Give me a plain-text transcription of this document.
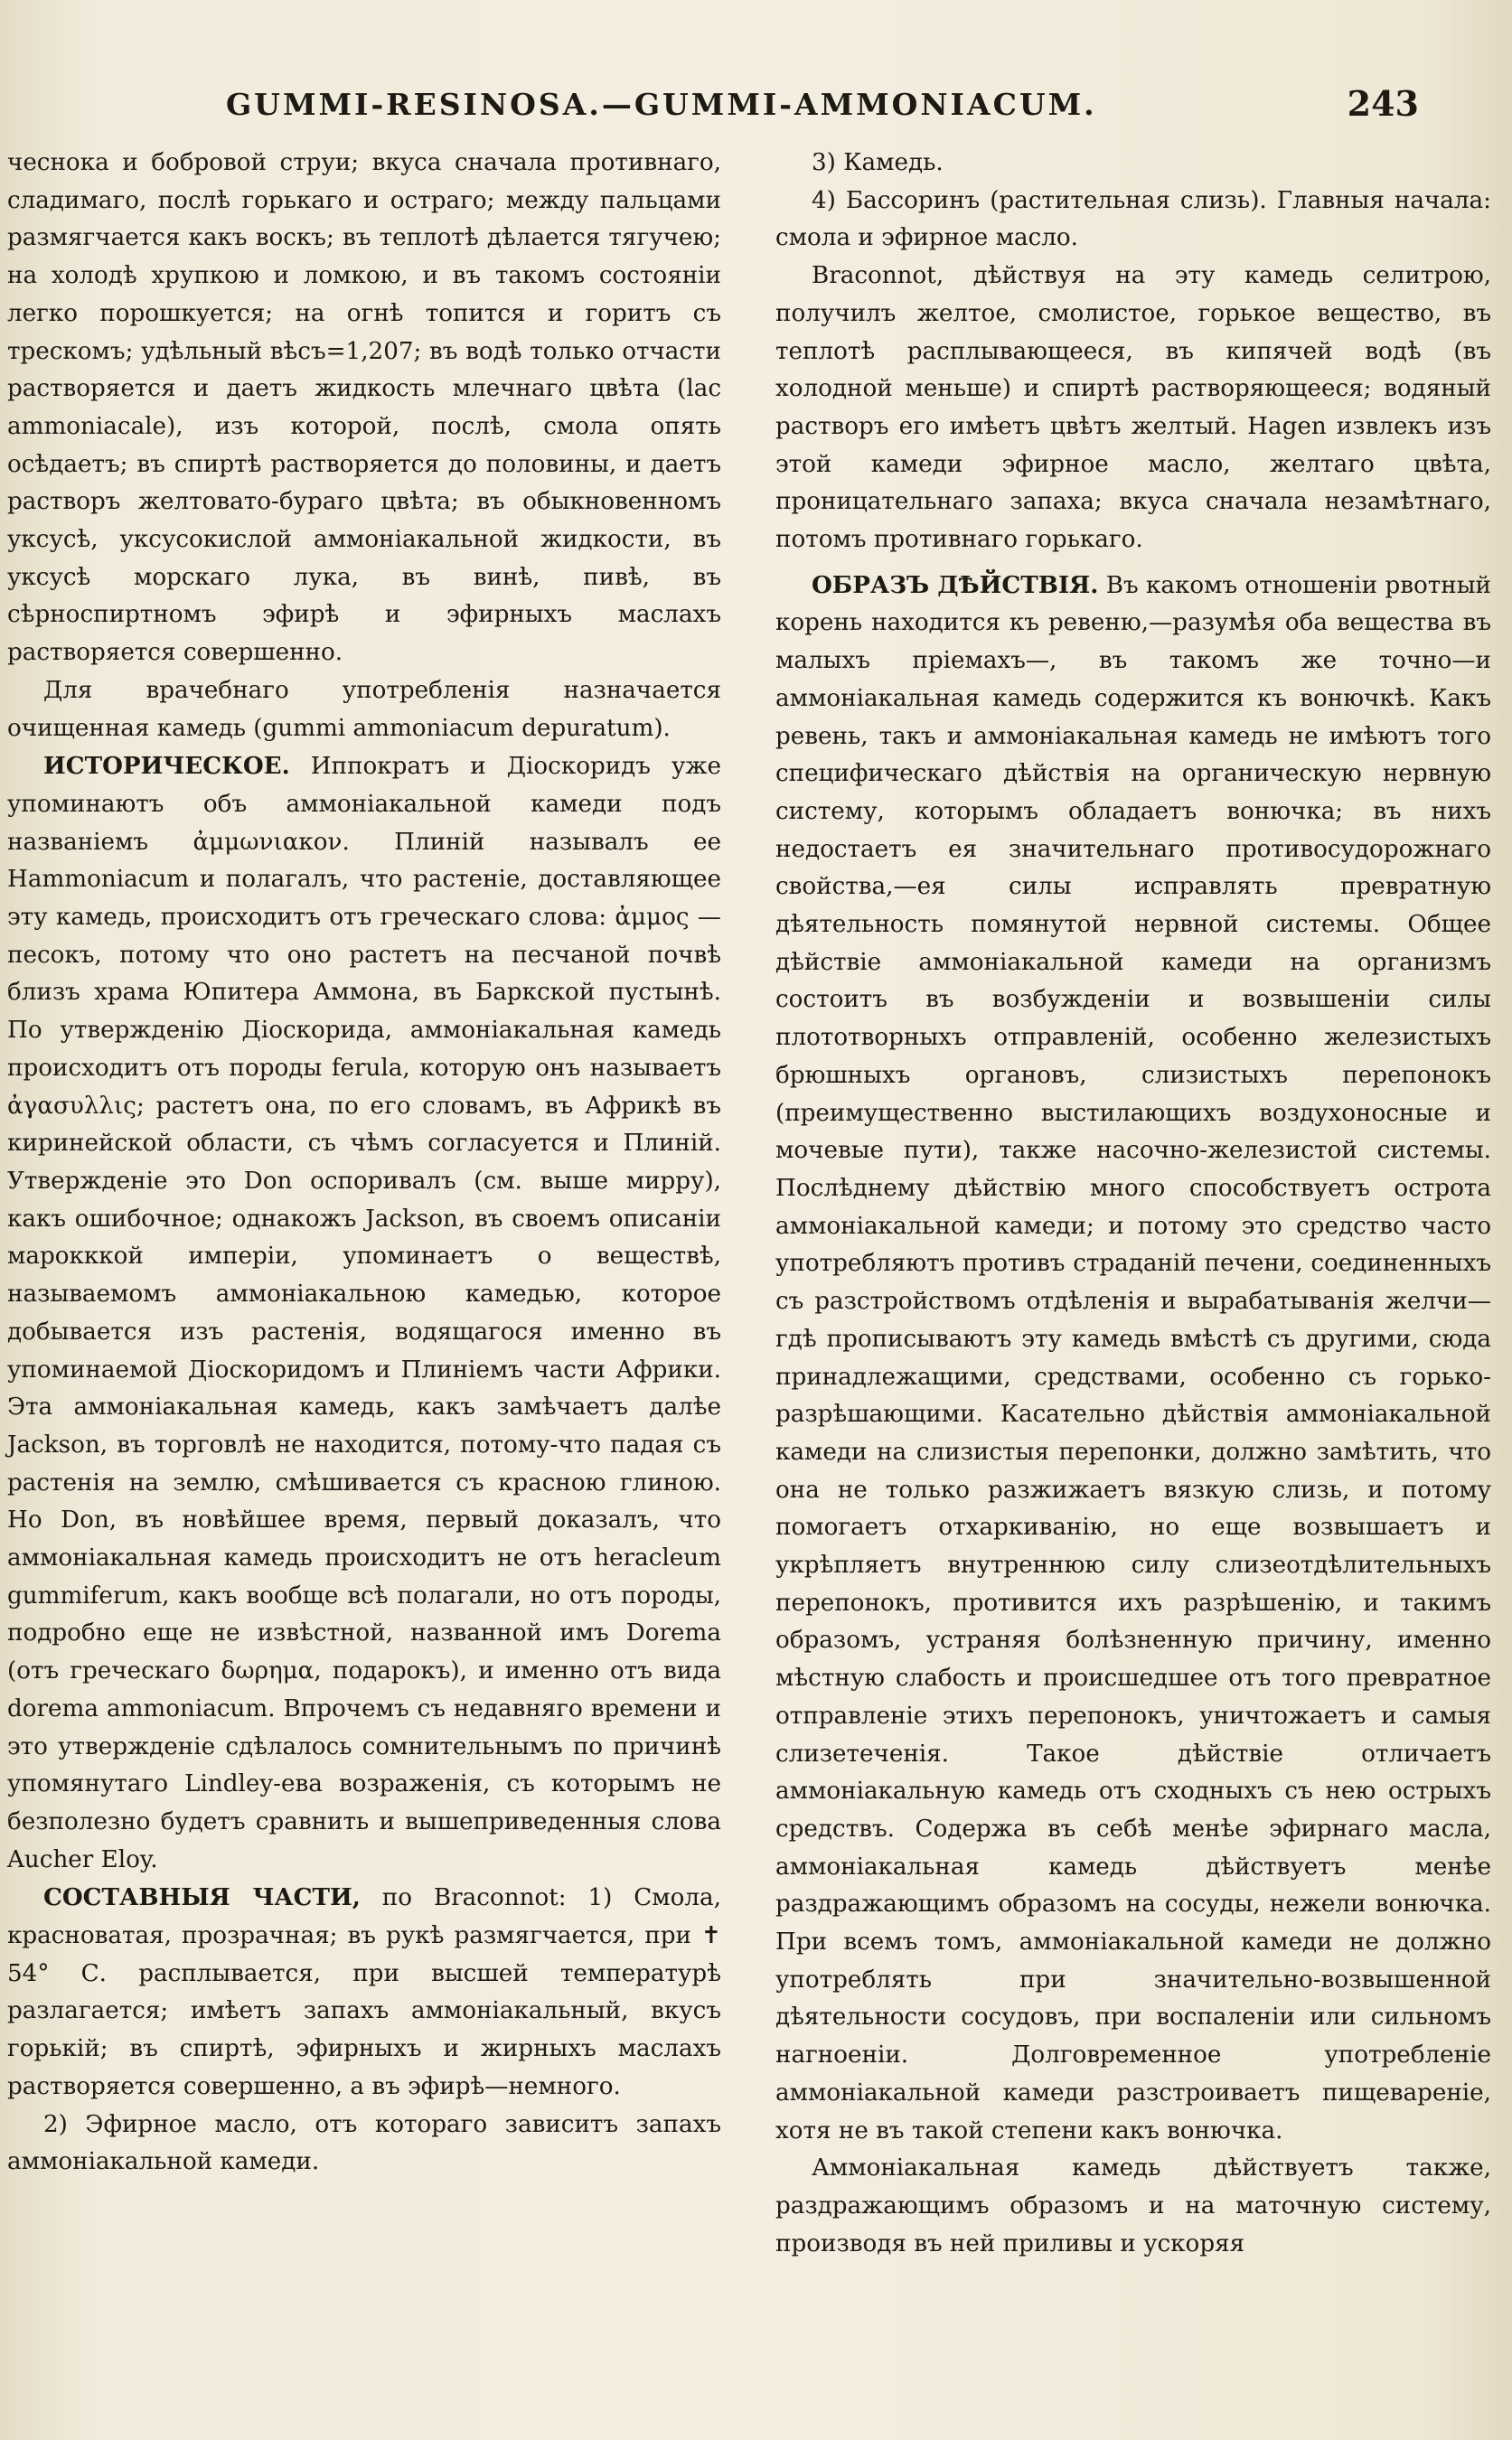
GUMMI-RESINOSA.—GUMMI-AMMONIACUM.	243

чеснока и бобровой струи; вкуса сначала противнаго, сладимаго, послѣ горькаго и остраго; между пальцами размягчается какъ воскъ; въ теплотѣ дѣлается тягучею; на холодѣ хрупкою и ломкою, и въ такомъ состояніи легко порошкуется; на огнѣ топится и горитъ съ трескомъ; удѣльный вѣсъ=1,207; въ водѣ только отчасти растворяется и даетъ жидкость млечнаго цвѣта (lac ammoniacale), изъ которой, послѣ, смола опять осѣдаетъ; въ спиртѣ растворяется до половины, и даетъ растворъ желтовато-бураго цвѣта; въ обыкновенномъ уксусѣ, уксусокислой аммоніакальной жидкости, въ уксусѣ морскаго лука, въ винѣ, пивѣ, въ сѣрноспиртномъ эфирѣ и эфирныхъ маслахъ растворяется совершенно.

Для врачебнаго употребленія назначается очищенная камедь (gummi ammoniacum depuratum).

ИСТОРИЧЕСКОЕ. Иппократъ и Діоскоридъ уже упоминаютъ объ аммоніакальной камеди подъ названіемъ ἀμμωνιακον. Плиній называлъ ее Hammoniacum и полагалъ, что растеніе, доставляющее эту камедь, происходитъ отъ греческаго слова: ἀμμος — песокъ, потому что оно растетъ на песчаной почвѣ близъ храма Юпитера Аммона, въ Баркской пустынѣ. По утвержденію Діоскорида, аммоніакальная камедь происходитъ отъ породы ferula, которую онъ называетъ ἀγασυλλις; растетъ она, по его словамъ, въ Африкѣ въ киринейской области, съ чѣмъ согласуется и Плиній. Утвержденіе это Don оспоривалъ (см. выше мирру), какъ ошибочное; однакожъ Jackson, въ своемъ описаніи марокккой имперіи, упоминаетъ о веществѣ, называемомъ аммоніакальною камедью, которое добывается изъ растенія, водящагося именно въ упоминаемой Діоскоридомъ и Плиніемъ части Африки. Эта аммоніакальная камедь, какъ замѣчаетъ далѣе Jackson, въ торговлѣ не находится, потому-что падая съ растенія на землю, смѣшивается съ красною глиною. Но Don, въ новѣйшее время, первый доказалъ, что аммоніакальная камедь происходитъ не отъ heracleum gummiferum, какъ вообще всѣ полагали, но отъ породы, подробно еще не извѣстной, названной имъ Dorema (отъ греческаго δωρημα, подарокъ), и именно отъ вида dorema ammoniacum. Впрочемъ съ недавняго времени и это утвержденіе сдѣлалось сомнительнымъ по причинѣ упомянутаго Lindley-ева возраженія, съ которымъ не безполезно будетъ сравнить и вышеприведенныя слова Aucher Eloy.

СОСТАВНЫЯ ЧАСТИ, по Braconnot: 1) Смола, красноватая, прозрачная; въ рукѣ размягчается, при ✝ 54° С. расплывается, при высшей температурѣ разлагается; имѣетъ запахъ аммоніакальный, вкусъ горькій; въ спиртѣ, эфирныхъ и жирныхъ маслахъ растворяется совершенно, а въ эфирѣ—немного.

2) Эфирное масло, отъ котораго зависитъ запахъ аммоніакальной камеди.

3) Камедь.

4) Бассоринъ (растительная слизь). Главныя начала: смола и эфирное масло.

Braconnot, дѣйствуя на эту камедь селитрою, получилъ желтое, смолистое, горькое вещество, въ теплотѣ расплывающееся, въ кипячей водѣ (въ холодной меньше) и спиртѣ растворяющееся; водяный растворъ его имѣетъ цвѣтъ желтый. Hagen извлекъ изъ этой камеди эфирное масло, желтаго цвѣта, проницательнаго запаха; вкуса сначала незамѣтнаго, потомъ противнаго горькаго.

ОБРАЗЪ ДѢЙСТВІЯ. Въ какомъ отношеніи рвотный корень находится къ ревеню,—разумѣя оба вещества въ малыхъ пріемахъ—, въ такомъ же точно—и аммоніакальная камедь содержится къ вонючкѣ. Какъ ревень, такъ и аммоніакальная камедь не имѣютъ того специфическаго дѣйствія на органическую нервную систему, которымъ обладаетъ вонючка; въ нихъ недостаетъ ея значительнаго противосудорожнаго свойства,—ея силы исправлять превратную дѣятельность помянутой нервной системы. Общее дѣйствіе аммоніакальной камеди на организмъ состоитъ въ возбужденіи и возвышеніи силы плототворныхъ отправленій, особенно железистыхъ брюшныхъ органовъ, слизистыхъ перепонокъ (преимущественно выстилающихъ воздухоносные и мочевые пути), также насочно-железистой системы. Послѣднему дѣйствію много способствуетъ острота аммоніакальной камеди; и потому это средство часто употребляютъ противъ страданій печени, соединенныхъ съ разстройствомъ отдѣленія и вырабатыванія желчи—гдѣ прописываютъ эту камедь вмѣстѣ съ другими, сюда принадлежащими, средствами, особенно съ горько-разрѣшающими. Касательно дѣйствія аммоніакальной камеди на слизистыя перепонки, должно замѣтить, что она не только разжижаетъ вязкую слизь, и потому помогаетъ отхаркиванію, но еще возвышаетъ и укрѣпляетъ внутреннюю силу слизеотдѣлительныхъ перепонокъ, противится ихъ разрѣшенію, и такимъ образомъ, устраняя болѣзненную причину, именно мѣстную слабость и происшедшее отъ того превратное отправленіе этихъ перепонокъ, уничтожаетъ и самыя слизетеченія. Такое дѣйствіе отличаетъ аммоніакальную камедь отъ сходныхъ съ нею острыхъ средствъ. Содержа въ себѣ менѣе эфирнаго масла, аммоніакальная камедь дѣйствуетъ менѣе раздражающимъ образомъ на сосуды, нежели вонючка. При всемъ томъ, аммоніакальной камеди не должно употреблять при значительно-возвышенной дѣятельности сосудовъ, при воспаленіи или сильномъ нагноеніи. Долговременное употребленіе аммоніакальной камеди разстроиваетъ пищевареніе, хотя не въ такой степени какъ вонючка.

Аммоніакальная камедь дѣйствуетъ также, раздражающимъ образомъ и на маточную систему, производя въ ней приливы и ускоряя
